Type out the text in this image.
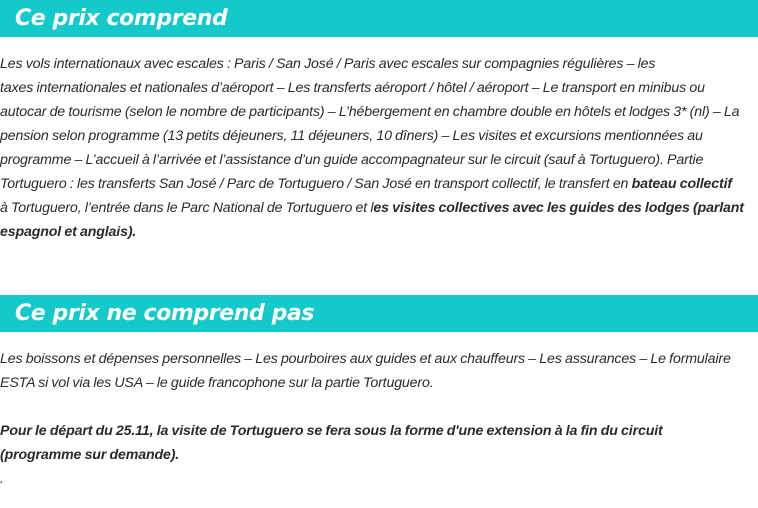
Ce prix comprend

Les vols internationaux avec escales : Paris / San José / Paris avec escales sur compagnies régulières – les
taxes internationales et nationales d’aéroport – Les transferts aéroport / hôtel / aéroport – Le transport en minibus ou
autocar de tourisme (selon le nombre de participants) – L’hébergement en chambre double en hôtels et lodges 3* (nl) – La
pension selon programme (13 petits déjeuners, 11 déjeuners, 10 dîners) – Les visites et excursions mentionnées au
programme – L’accueil à l’arrivée et l’assistance d’un guide accompagnateur sur le circuit (sauf à Tortuguero). Partie
Tortuguero : les transferts San José / Parc de Tortuguero / San José en transport collectif, le transfert en bateau collectif
à Tortuguero, l’entrée dans le Parc National de Tortuguero et les visites collectives avec les guides des lodges (parlant
espagnol et anglais).

Ce prix ne comprend pas

Les boissons et dépenses personnelles – Les pourboires aux guides et aux chauffeurs – Les assurances – Le formulaire
ESTA si vol via les USA – le guide francophone sur la partie Tortuguero.

Pour le départ du 25.11, la visite de Tortuguero se fera sous la forme d'une extension à la fin du circuit
(programme sur demande).

.
